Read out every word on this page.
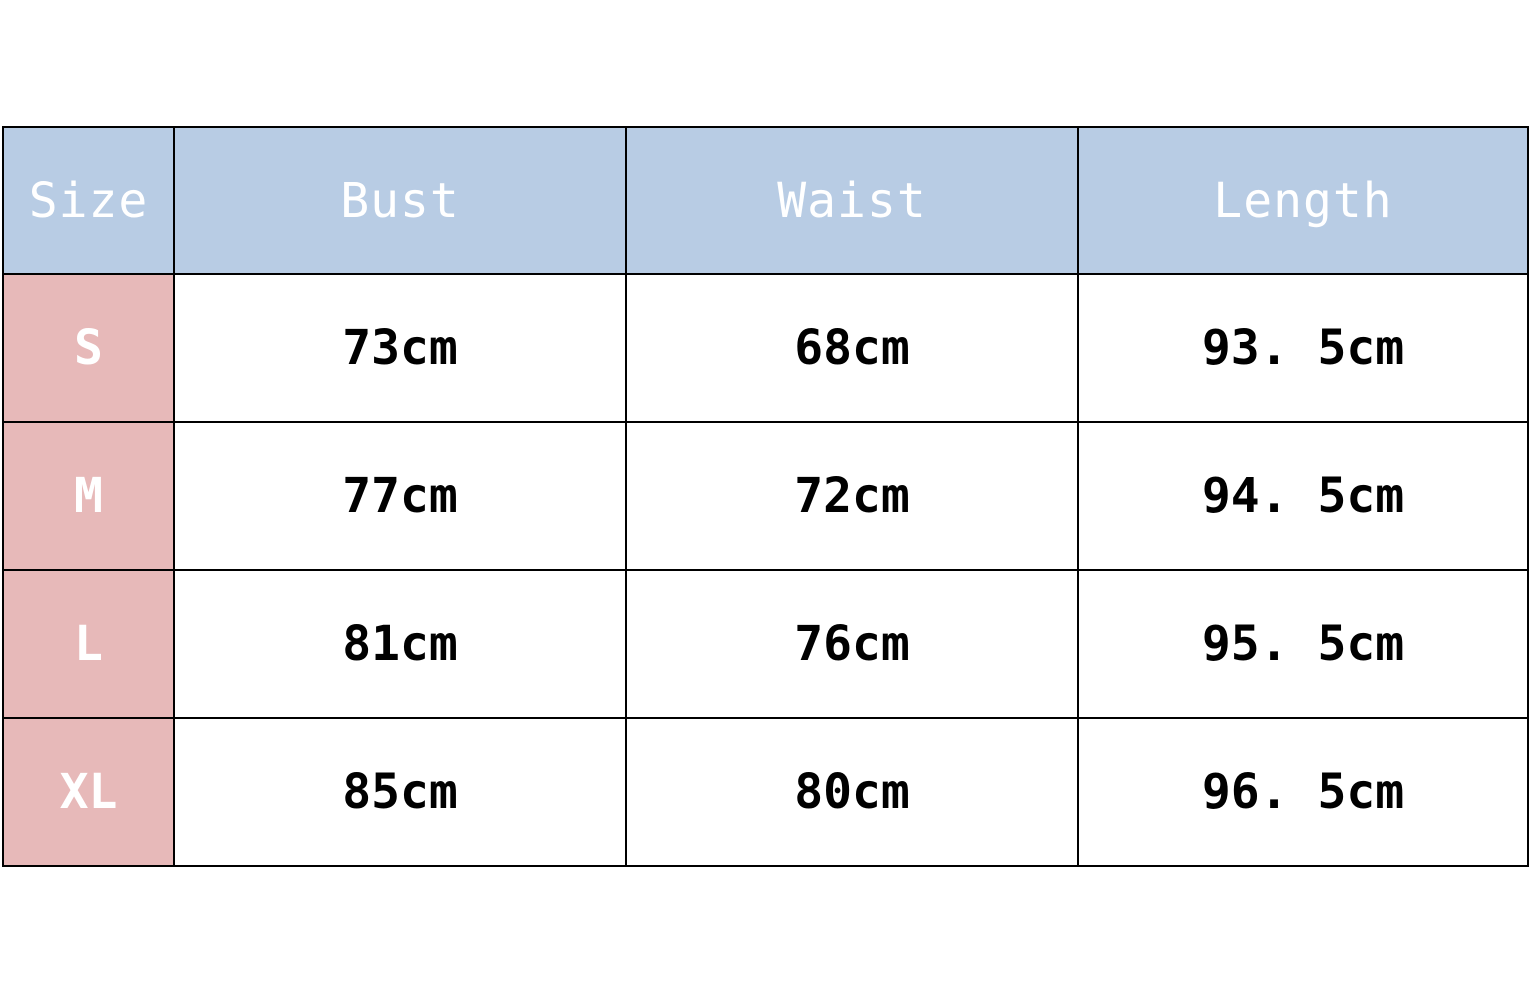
Size	Bust	Waist	Length
S	73cm	68cm	93. 5cm
M	77cm	72cm	94. 5cm
L	81cm	76cm	95. 5cm
XL	85cm	80cm	96. 5cm
